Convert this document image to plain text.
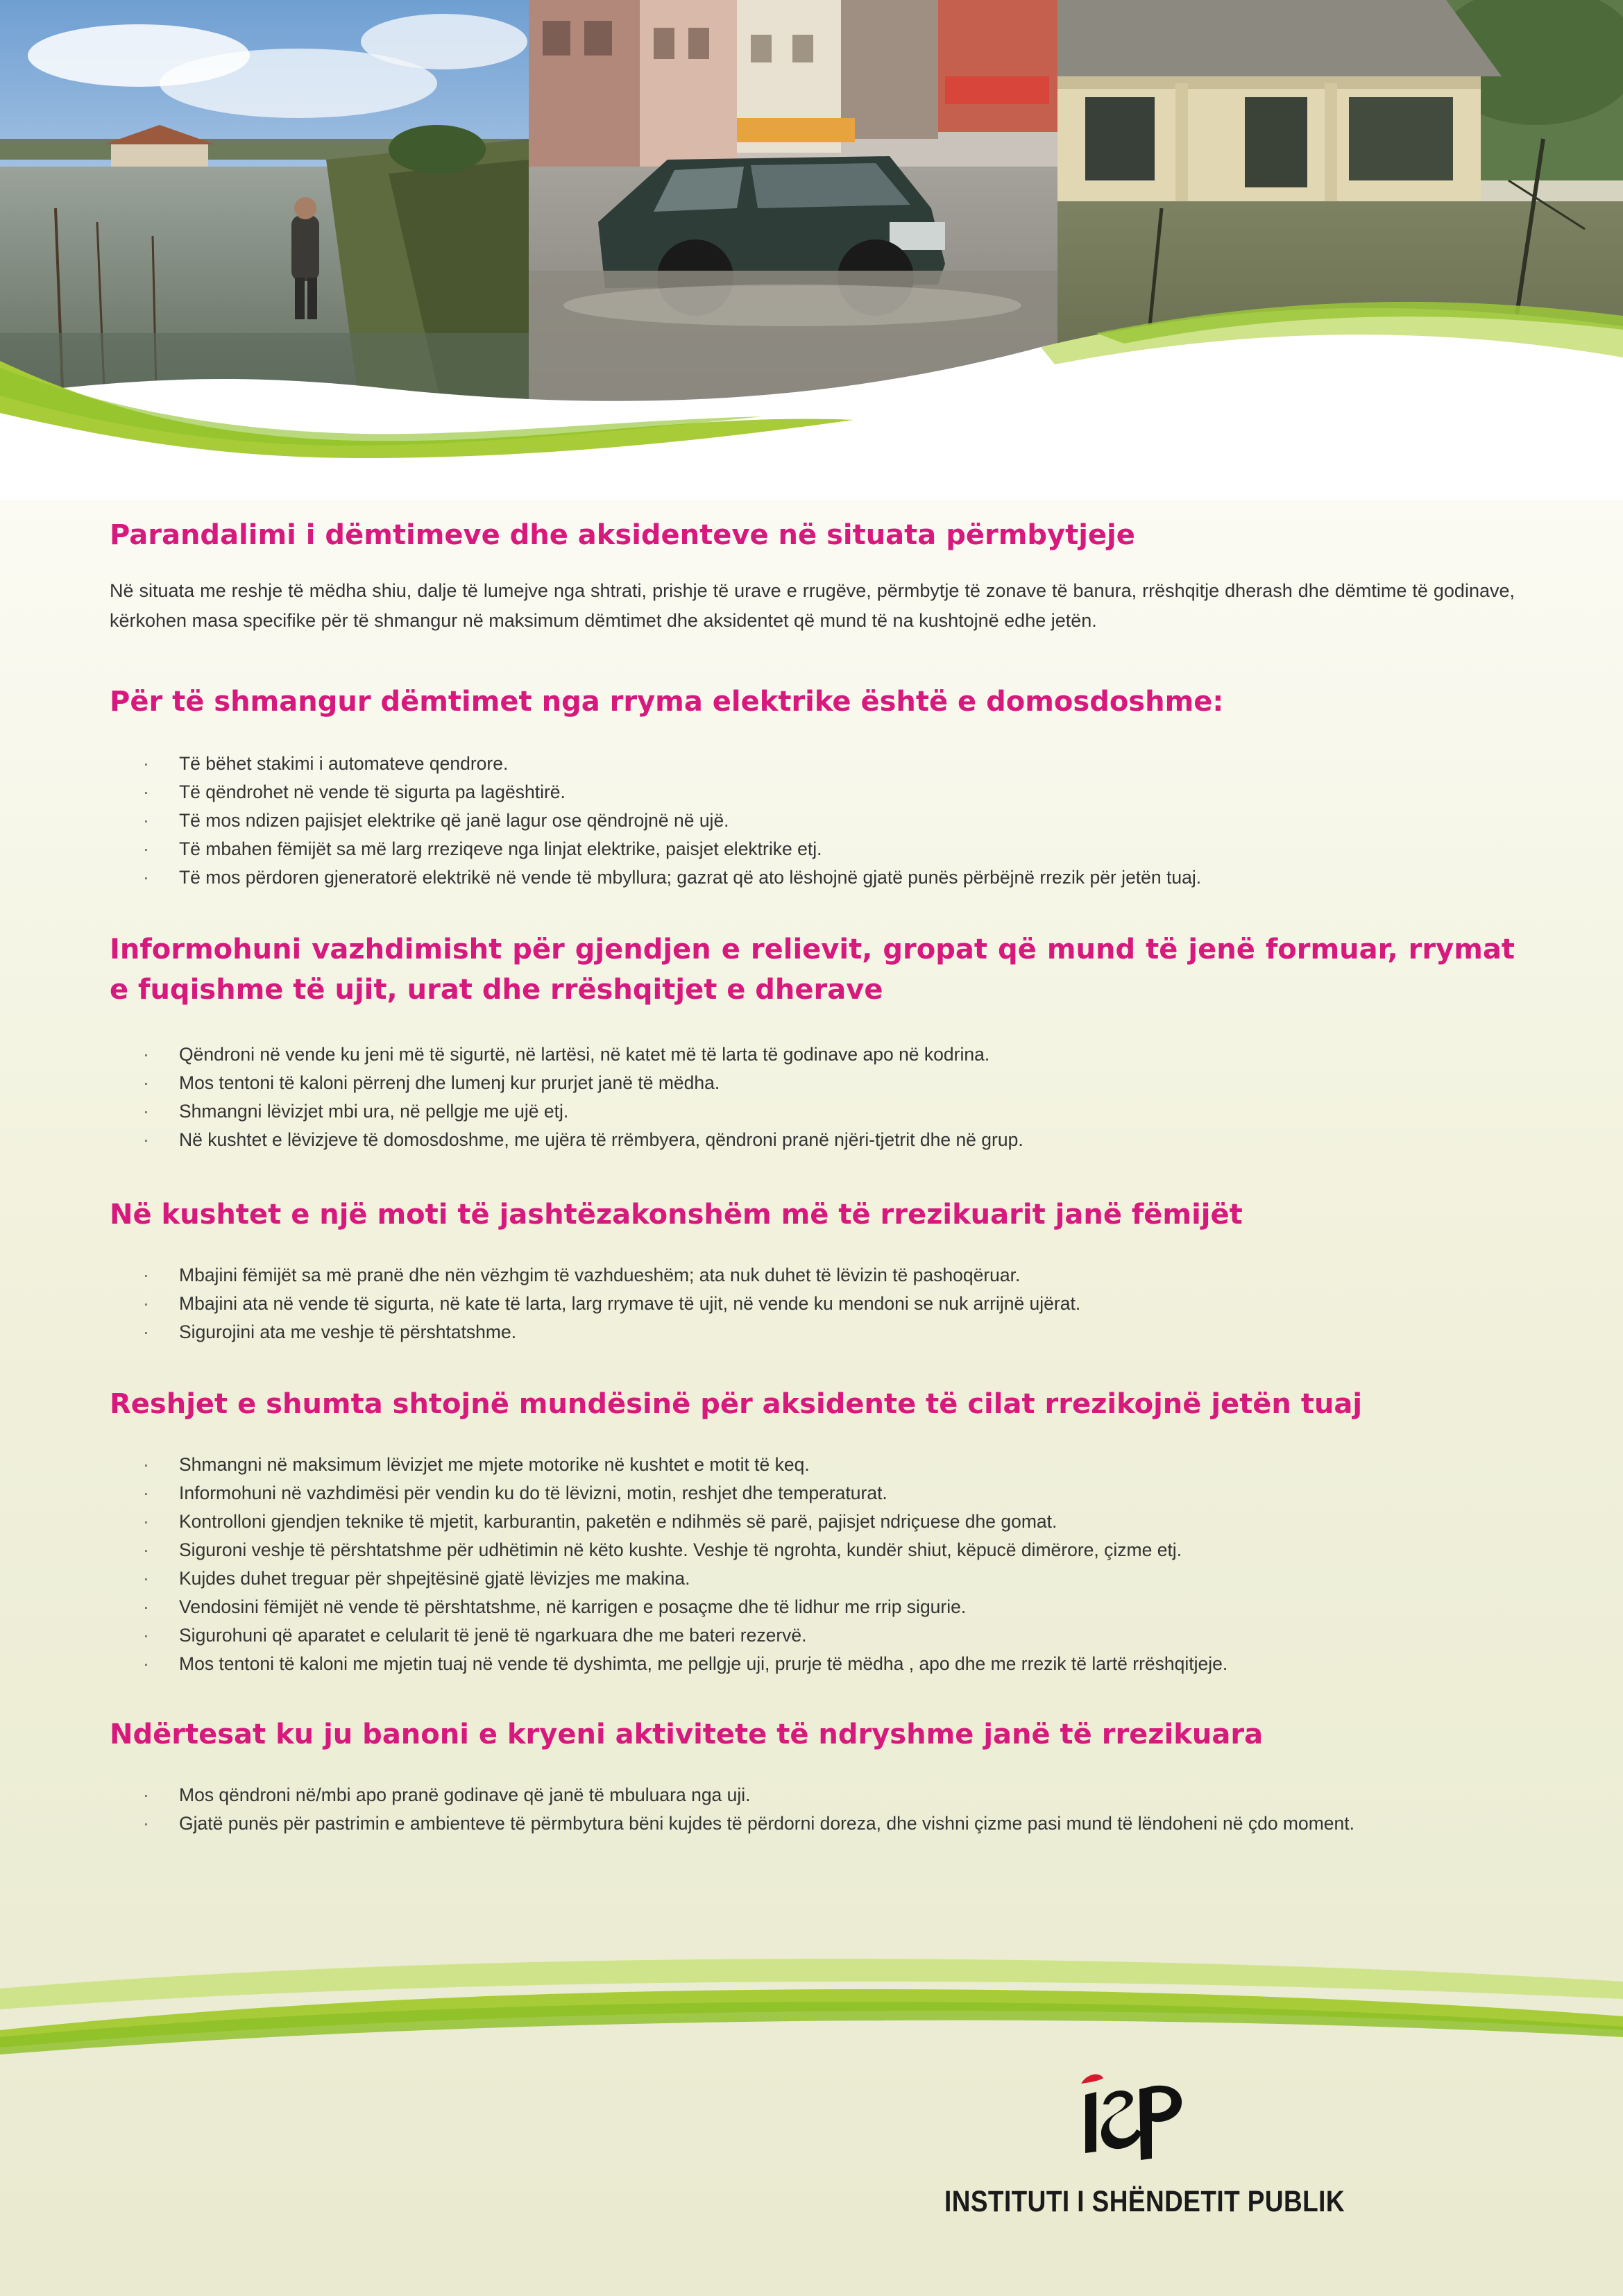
Parandalimi i dëmtimeve dhe aksidenteve në situata përmbytjeje

Në situata me reshje të mëdha shiu, dalje të lumejve nga shtrati, prishje të urave e rrugëve, përmbytje të zonave të banura, rrëshqitje dherash dhe dëmtime të godinave, kërkohen masa specifike për të shmangur në maksimum dëmtimet dhe aksidentet që mund të na kushtojnë edhe jetën.

Për të shmangur dëmtimet nga rryma elektrike është e domosdoshme:
· Të bëhet stakimi i automateve qendrore.
· Të qëndrohet në vende të sigurta pa lagështirë.
· Të mos ndizen pajisjet elektrike që janë lagur ose qëndrojnë në ujë.
· Të mbahen fëmijët sa më larg rreziqeve nga linjat elektrike, paisjet elektrike etj.
· Të mos përdoren gjeneratorë elektrikë në vende të mbyllura; gazrat që ato lëshojnë gjatë punës përbëjnë rrezik për jetën tuaj.
Informohuni vazhdimisht për gjendjen e relievit, gropat që mund të jenë formuar, rrymat e fuqishme të ujit, urat dhe rrëshqitjet e dherave
· Qëndroni në vende ku jeni më të sigurtë, në lartësi, në katet më të larta të godinave apo në kodrina.
· Mos tentoni të kaloni përrenj dhe lumenj kur prurjet janë të mëdha.
· Shmangni lëvizjet mbi ura, në pellgje me ujë etj.
· Në kushtet e lëvizjeve të domosdoshme, me ujëra të rrëmbyera, qëndroni pranë njëri-tjetrit dhe në grup.
Në kushtet e një moti të jashtëzakonshëm më të rrezikuarit janë fëmijët
· Mbajini fëmijët sa më pranë dhe nën vëzhgim të vazhdueshëm; ata nuk duhet të lëvizin të pashoqëruar.
· Mbajini ata në vende të sigurta, në kate të larta, larg rrymave të ujit, në vende ku mendoni se nuk arrijnë ujërat.
· Sigurojini ata me veshje të përshtatshme.
Reshjet e shumta shtojnë mundësinë për aksidente të cilat rrezikojnë jetën tuaj
· Shmangni në maksimum lëvizjet me mjete motorike në kushtet e motit të keq.
· Informohuni në vazhdimësi për vendin ku do të lëvizni, motin, reshjet dhe temperaturat.
· Kontrolloni gjendjen teknike të mjetit, karburantin, paketën e ndihmës së parë, pajisjet ndriçuese dhe gomat.
· Siguroni veshje të përshtatshme për udhëtimin në këto kushte. Veshje të ngrohta, kundër shiut, këpucë dimërore, çizme etj.
· Kujdes duhet treguar për shpejtësinë gjatë lëvizjes me makina.
· Vendosini fëmijët në vende të përshtatshme, në karrigen e posaçme dhe të lidhur me rrip sigurie.
· Sigurohuni që aparatet e celularit të jenë të ngarkuara dhe me bateri rezervë.
· Mos tentoni të kaloni me mjetin tuaj në vende të dyshimta, me pellgje uji, prurje të mëdha , apo dhe me rrezik të lartë rrëshqitjeje.
Ndërtesat ku ju banoni e kryeni aktivitete të ndryshme janë të rrezikuara
· Mos qëndroni në/mbi apo pranë godinave që janë të mbuluara nga uji.
· Gjatë punës për pastrimin e ambienteve të përmbytura bëni kujdes të përdorni doreza, dhe vishni çizme pasi mund të lëndoheni në çdo moment.
INSTITUTI I SHËNDETIT PUBLIK
